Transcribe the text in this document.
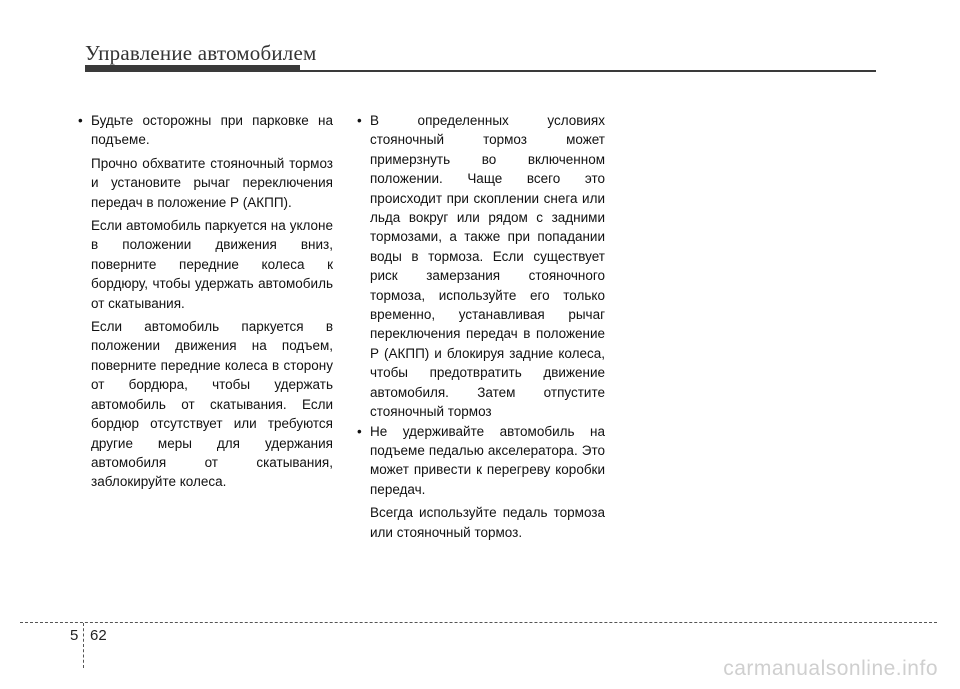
Управление автомобилем

• Будьте осторожны при парковке на подъеме.

Прочно обхватите стояночный тормоз и установите рычаг переключения передач в положение Р (АКПП).

Если автомобиль паркуется на уклоне в положении движения вниз, поверните передние колеса к бордюру, чтобы удержать автомобиль от скатывания.

Если автомобиль паркуется в положении движения на подъем, поверните передние колеса в сторону от бордюра, чтобы удержать автомобиль от скатывания. Если бордюр отсутствует или требуются другие меры для удержания автомобиля от скатывания, заблокируйте колеса.

• В определенных условиях стояночный тормоз может примерзнуть во включенном положении. Чаще всего это происходит при скоплении снега или льда вокруг или рядом с задними тормозами, а также при попадании воды в тормоза. Если существует риск замерзания стояночного тормоза, используйте его только временно, устанавливая рычаг переключения передач в положение Р (АКПП) и блокируя задние колеса, чтобы предотвратить движение автомобиля. Затем отпустите стояночный тормоз

• Не удерживайте автомобиль на подъеме педалью акселератора. Это может привести к перегреву коробки передач.

Всегда используйте педаль тормоза или стояночный тормоз.

5 62
carmanualsonline.info
